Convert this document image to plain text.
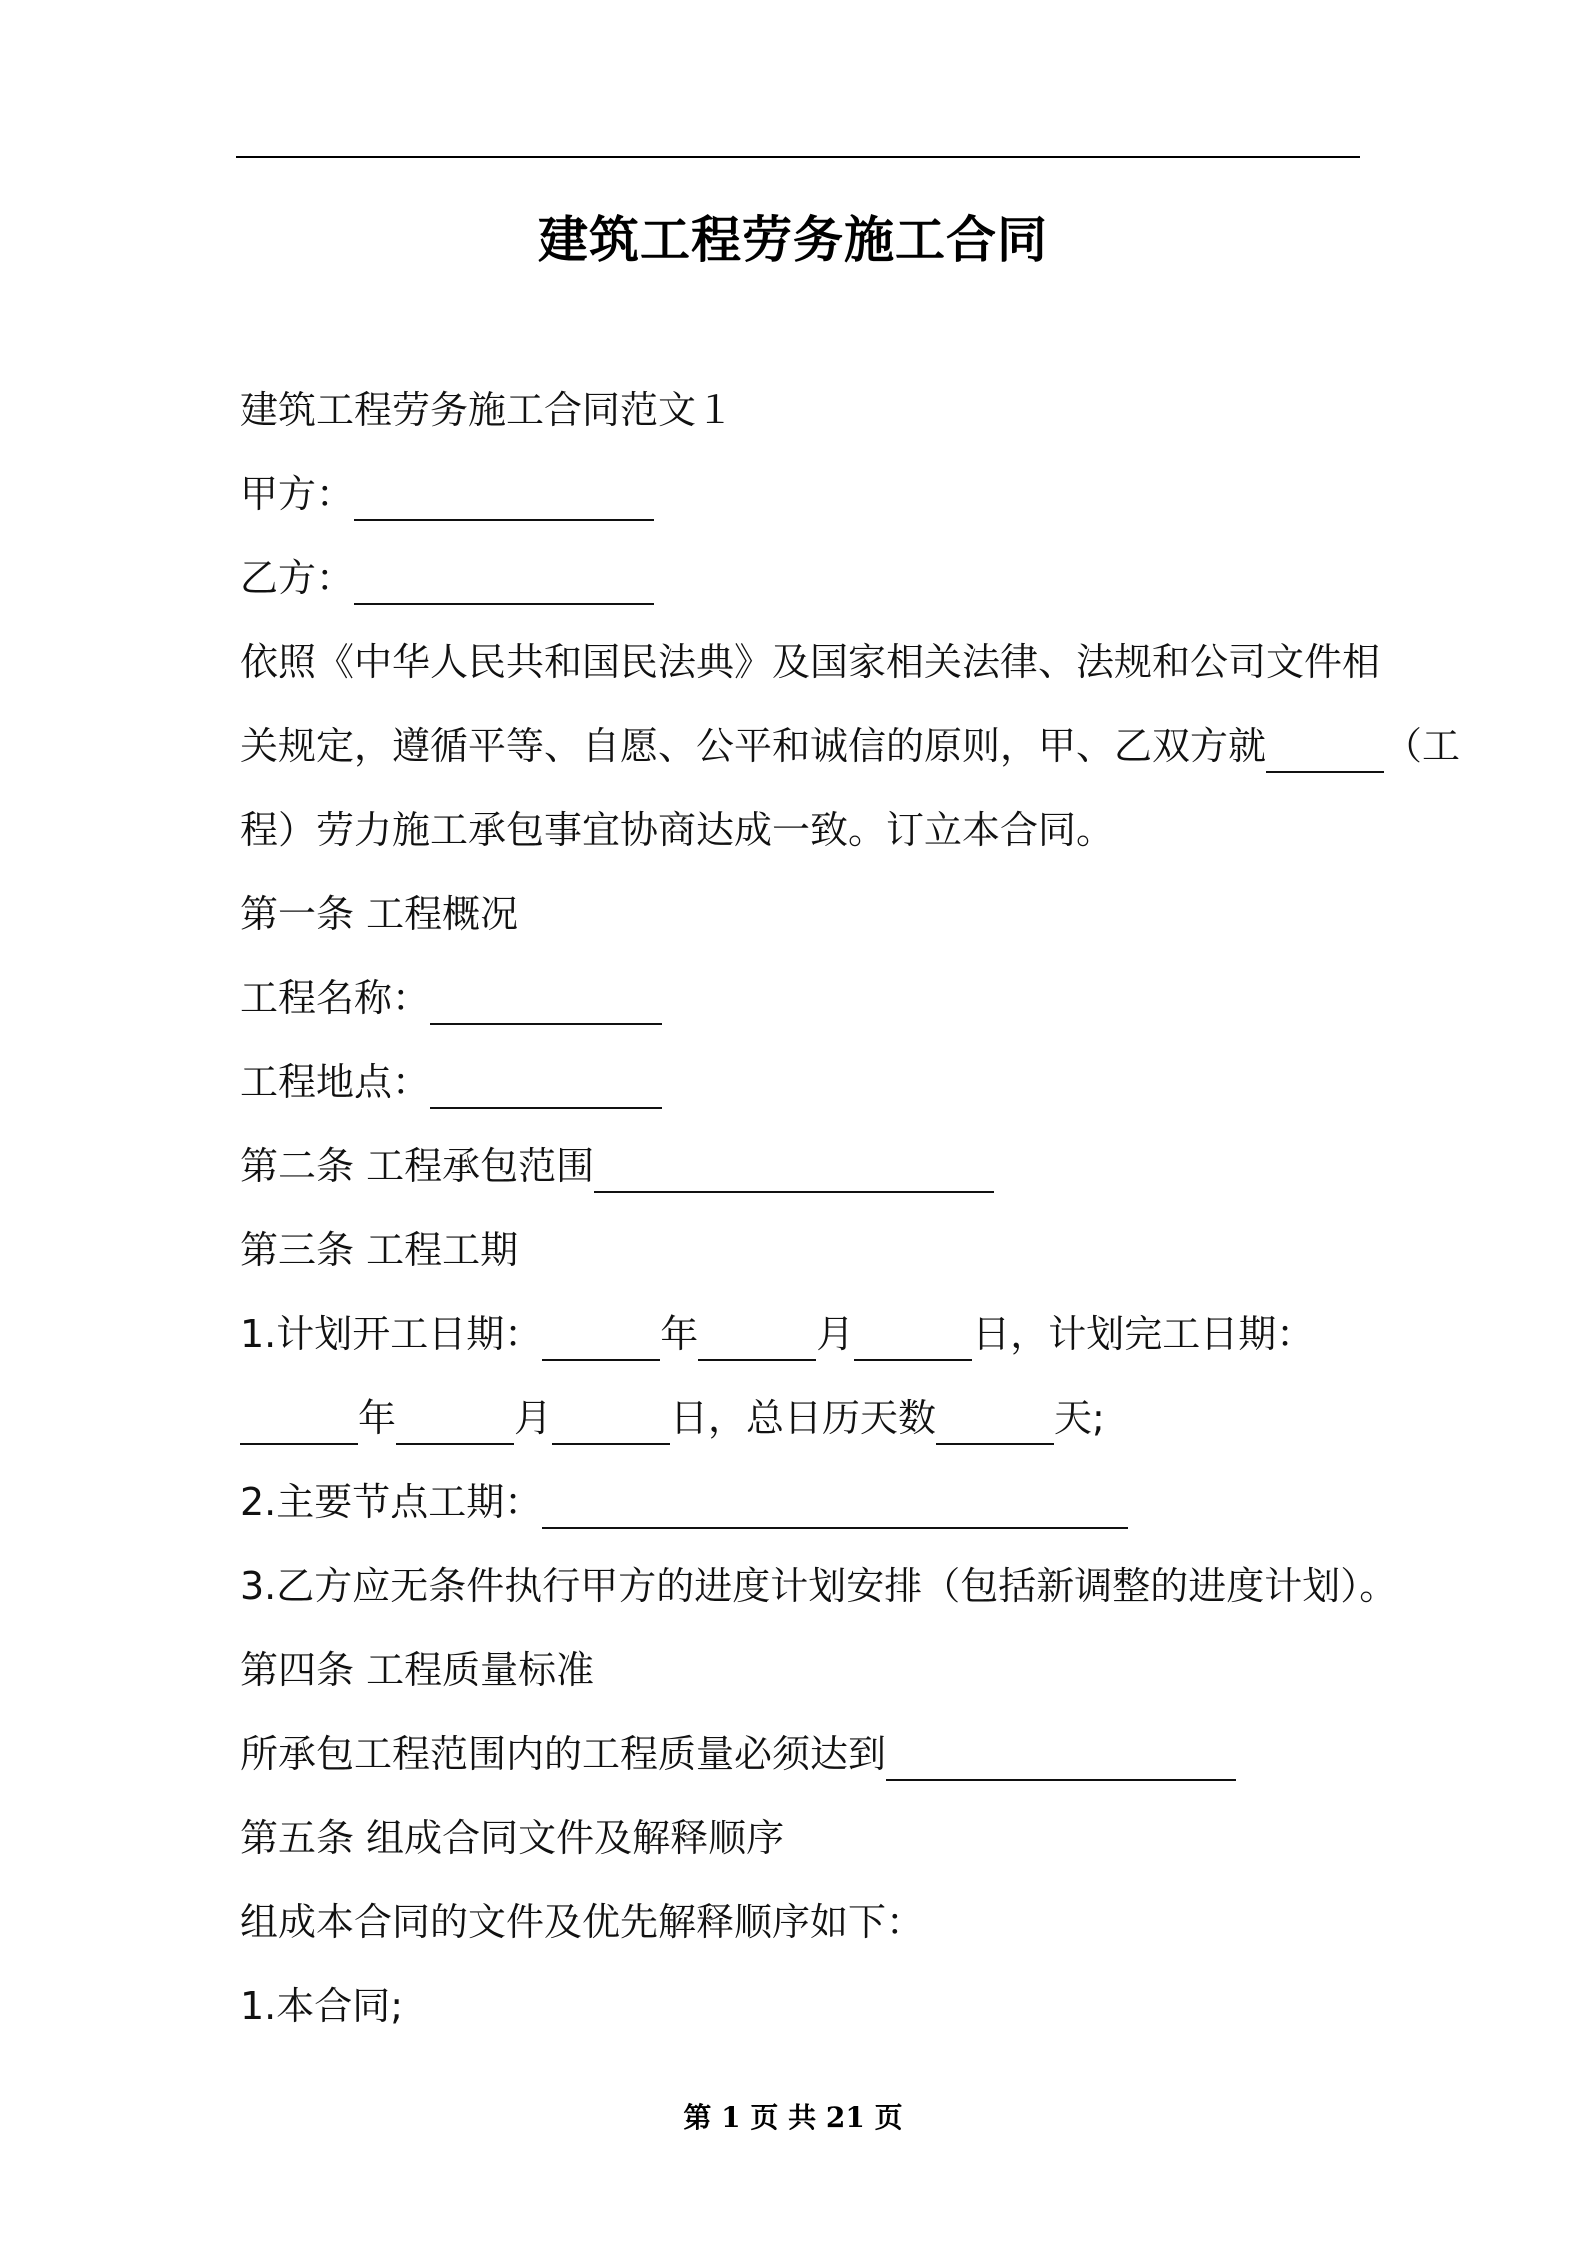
建筑工程劳务施工合同
建筑工程劳务施工合同范文１
甲方：
乙方：
依照《中华人民共和国民法典》及国家相关法律、法规和公司文件相
关规定，遵循平等、自愿、公平和诚信的原则，甲、乙双方就	（工
程）劳力施工承包事宜协商达成一致。订立本合同。
第一条 工程概况
工程名称：
工程地点：
第二条 工程承包范围
第三条 工程工期
1.计划开工日期：	年	月	日，计划完工日期：
年	月	日，总日历天数	天;
2.主要节点工期：
3.乙方应无条件执行甲方的进度计划安排（包括新调整的进度计划）。
第四条 工程质量标准
所承包工程范围内的工程质量必须达到
第五条 组成合同文件及解释顺序
组成本合同的文件及优先解释顺序如下：
1.本合同;
第 1 页 共 21 页
